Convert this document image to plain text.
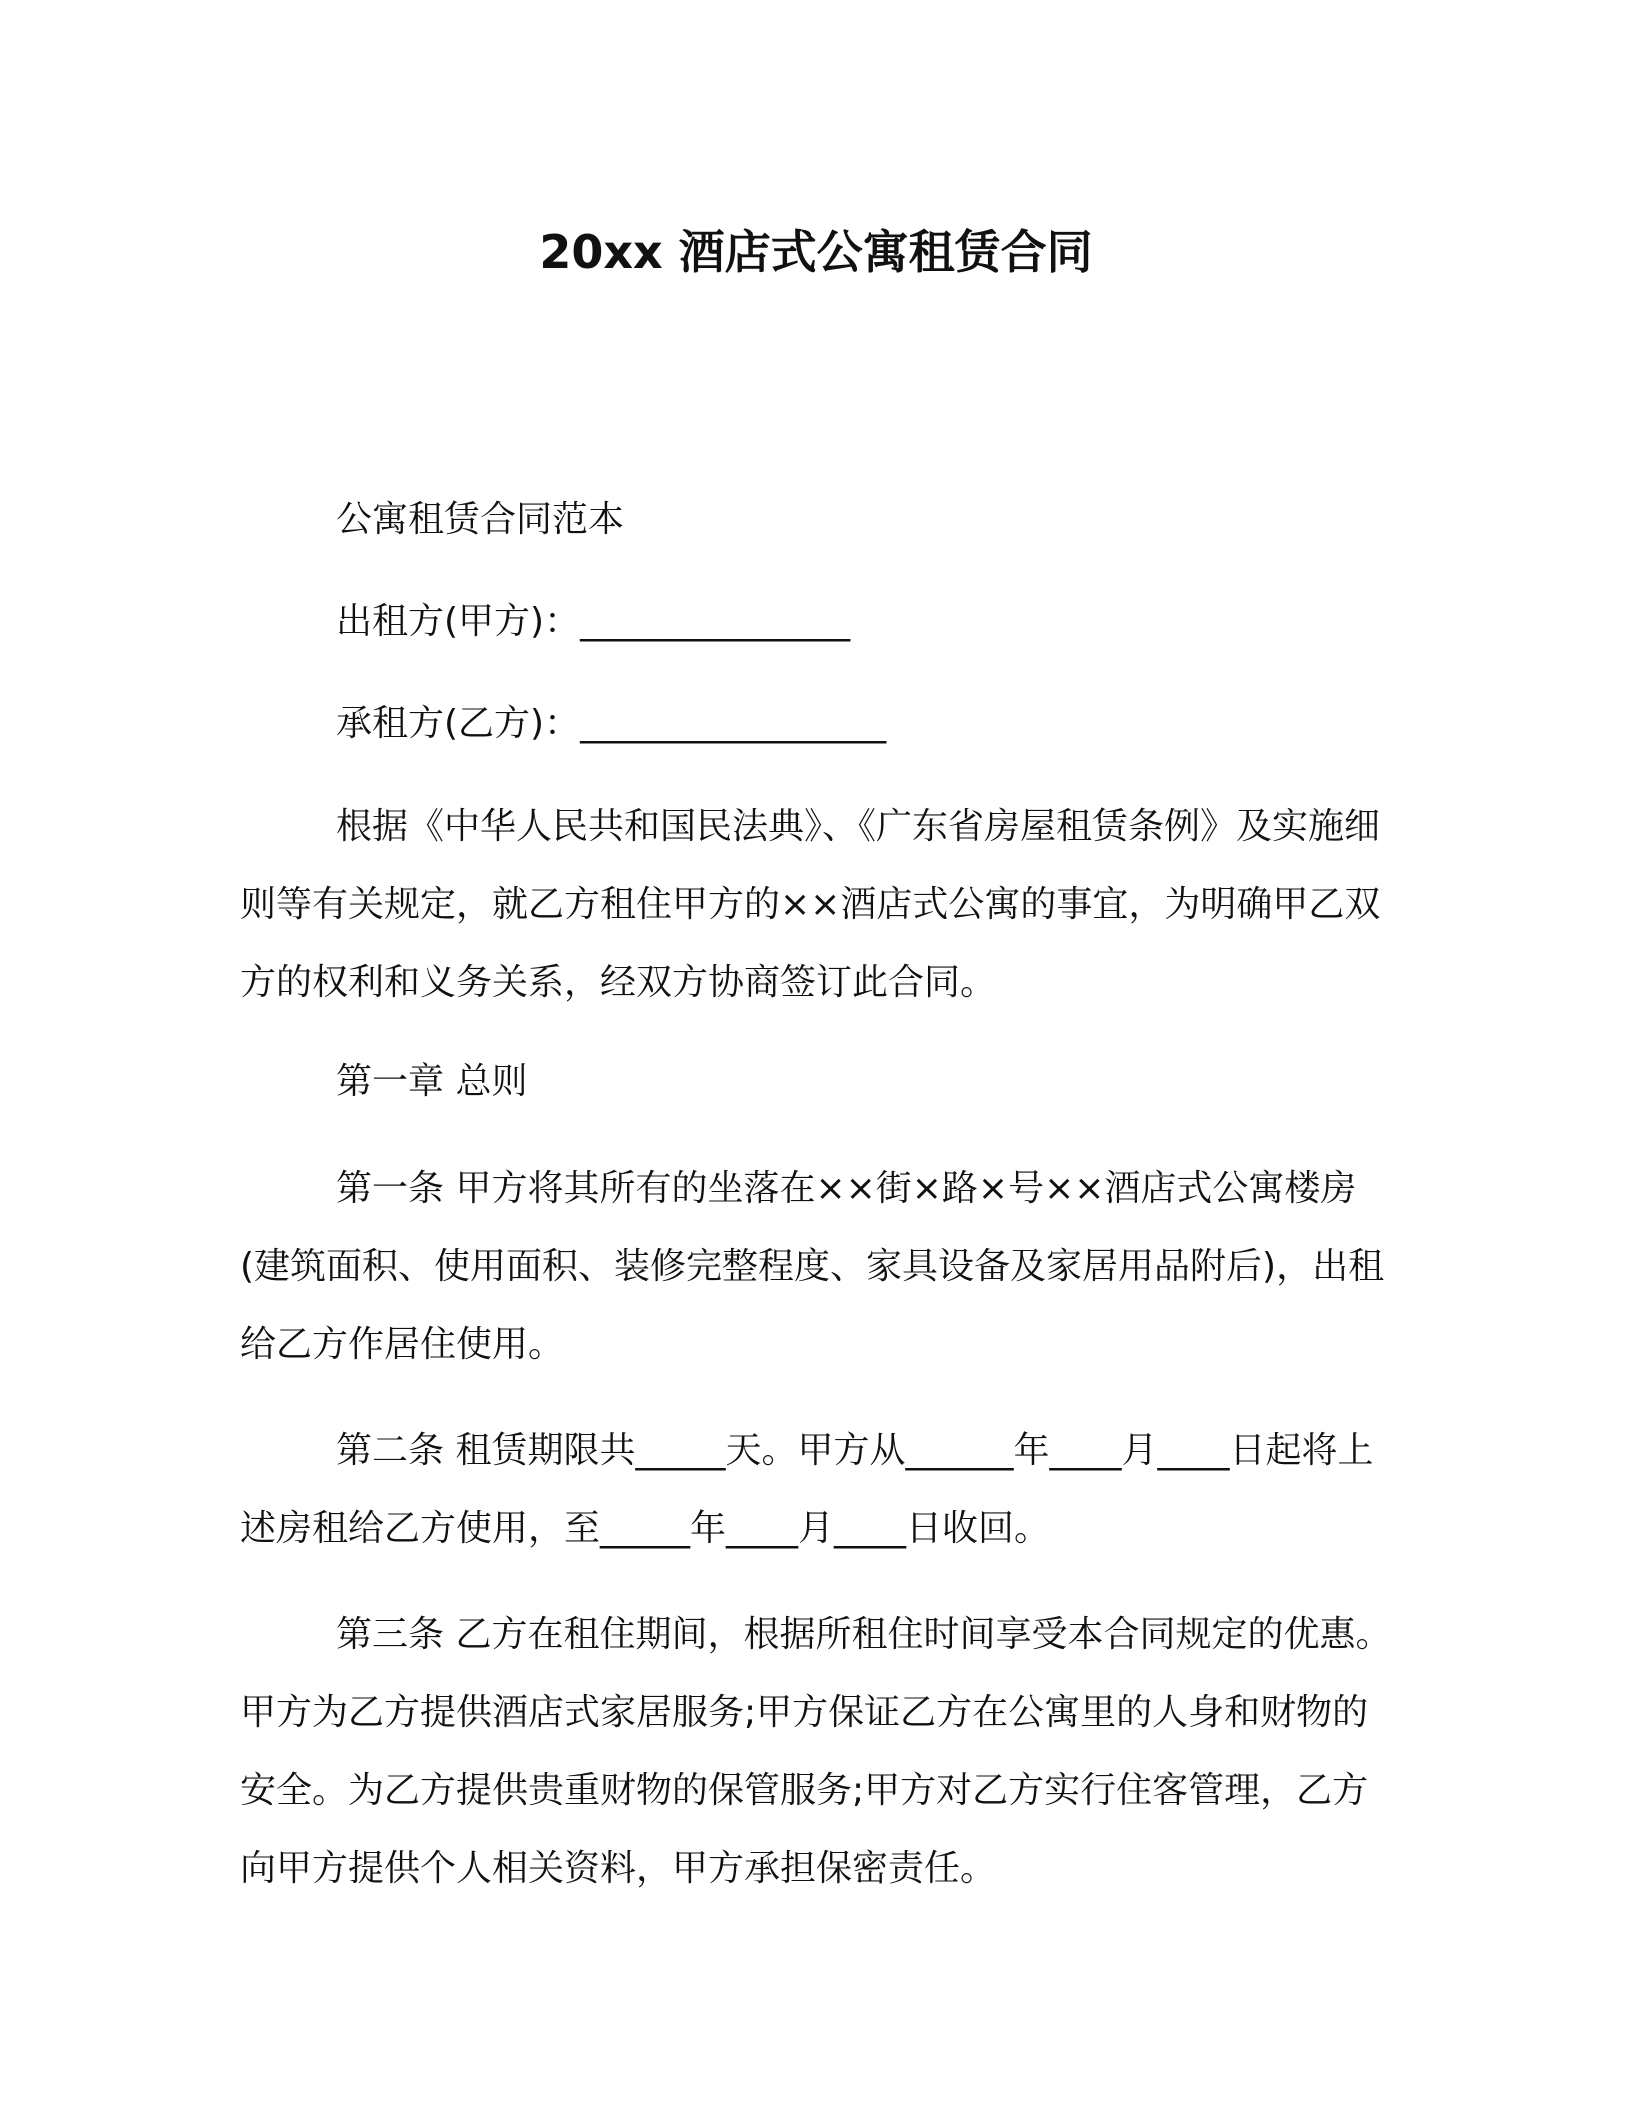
20xx 酒店式公寓租赁合同
公寓租赁合同范本
出租方(甲方)：_______________
承租方(乙方)：_________________

根据《中华人民共和国民法典》、《广东省房屋租赁条例》及实施细则等有关规定，就乙方租住甲方的××酒店式公寓的事宜，为明确甲乙双方的权利和义务关系，经双方协商签订此合同。

第一章 总则

第一条 甲方将其所有的坐落在××街×路×号××酒店式公寓楼房(建筑面积、使用面积、装修完整程度、家具设备及家居用品附后)，出租给乙方作居住使用。

第二条 租赁期限共_____天。甲方从______年____月____日起将上述房租给乙方使用，至_____年____月____日收回。

第三条 乙方在租住期间，根据所租住时间享受本合同规定的优惠。甲方为乙方提供酒店式家居服务;甲方保证乙方在公寓里的人身和财物的安全。为乙方提供贵重财物的保管服务;甲方对乙方实行住客管理，乙方向甲方提供个人相关资料，甲方承担保密责任。
